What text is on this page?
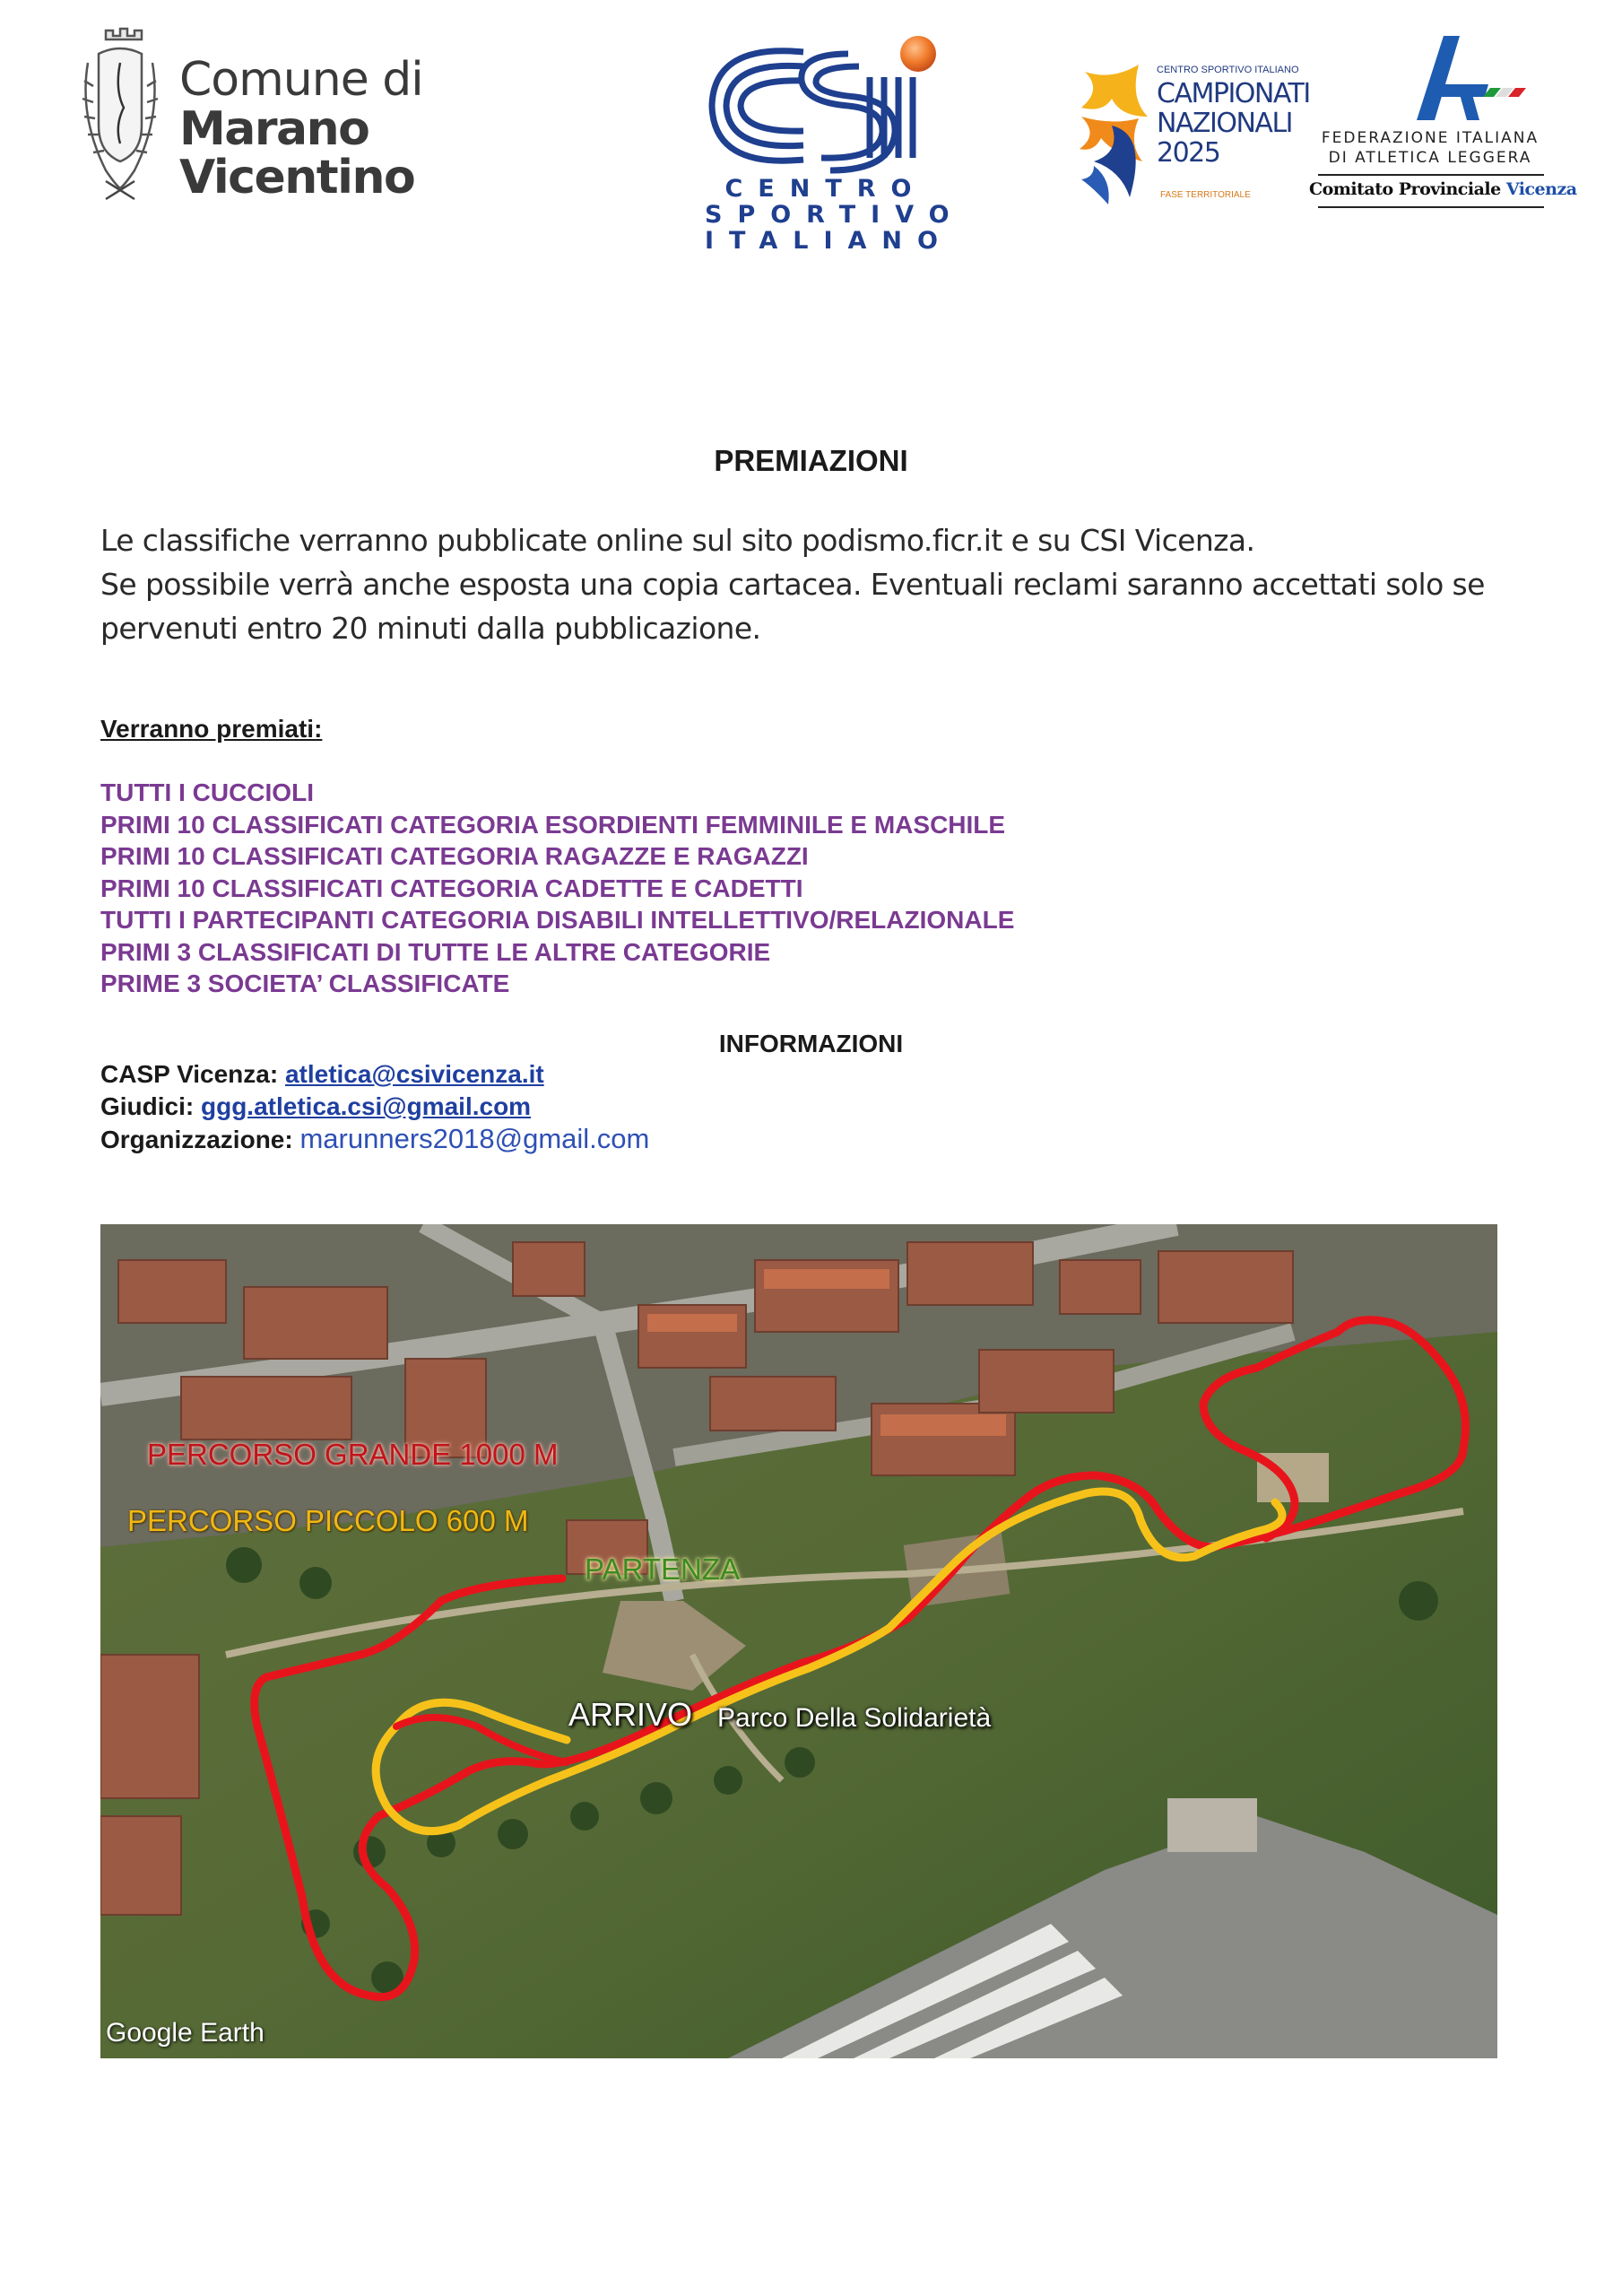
Comune di
Marano Vicentino	CENTRO
SPORTIVO
ITALIANO
CENTRO SPORTIVO ITALIANO
CAMPIONATI
NAZIONALI
2025
FASE TERRITORIALE
FEDERAZIONE ITALIANA
DI ATLETICA LEGGERA
Comitato Provinciale Vicenza
PREMIAZIONI
Le classifiche verranno pubblicate online sul sito podismo.ficr.it e su CSI Vicenza.
Se possibile verrà anche esposta una copia cartacea. Eventuali reclami saranno accettati solo se
pervenuti entro 20 minuti dalla pubblicazione.
Verranno premiati:
TUTTI I CUCCIOLI
PRIMI 10 CLASSIFICATI CATEGORIA ESORDIENTI FEMMINILE E MASCHILE
PRIMI 10 CLASSIFICATI CATEGORIA RAGAZZE E RAGAZZI
PRIMI 10 CLASSIFICATI CATEGORIA CADETTE E CADETTI
TUTTI I PARTECIPANTI CATEGORIA DISABILI INTELLETTIVO/RELAZIONALE
PRIMI 3 CLASSIFICATI DI TUTTE LE ALTRE CATEGORIE
PRIME 3 SOCIETA’ CLASSIFICATE
INFORMAZIONI
CASP Vicenza: atletica@csivicenza.it
Giudici: ggg.atletica.csi@gmail.com
Organizzazione: marunners2018@gmail.com
PERCORSO GRANDE 1000 M
PERCORSO PICCOLO 600 M
PARTENZA
ARRIVO Parco Della Solidarietà
Google Earth
